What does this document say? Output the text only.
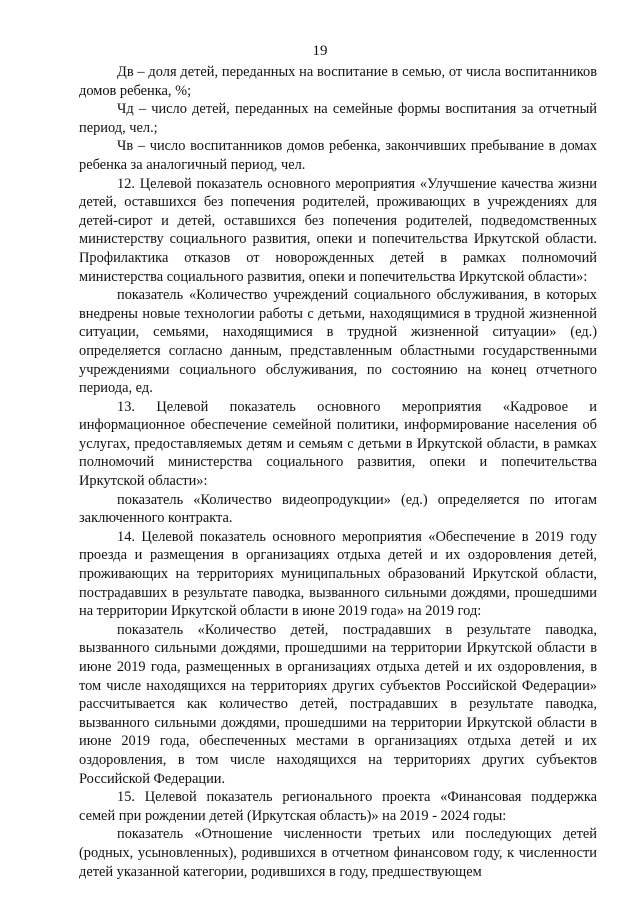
19

Дв – доля детей, переданных на воспитание в семью, от числа воспитанников домов ребенка, %;

Чд – число детей, переданных на семейные формы воспитания за отчетный период, чел.;

Чв – число воспитанников домов ребенка, закончивших пребывание в домах ребенка за аналогичный период, чел.

12. Целевой показатель основного мероприятия «Улучшение качества жизни детей, оставшихся без попечения родителей, проживающих в учреждениях для детей-сирот и детей, оставшихся без попечения родителей, подведомственных министерству социального развития, опеки и попечительства Иркутской области. Профилактика отказов от новорожденных детей в рамках полномочий министерства социального развития, опеки и попечительства Иркутской области»:

показатель «Количество учреждений социального обслуживания, в которых внедрены новые технологии работы с детьми, находящимися в трудной жизненной ситуации, семьями, находящимися в трудной жизненной ситуации» (ед.) определяется согласно данным, представленным областными государственными учреждениями социального обслуживания, по состоянию на конец отчетного периода, ед.

13. Целевой показатель основного мероприятия «Кадровое и информационное обеспечение семейной политики, информирование населения об услугах, предоставляемых детям и семьям с детьми в Иркутской области, в рамках полномочий министерства социального развития, опеки и попечительства Иркутской области»:

показатель «Количество видеопродукции» (ед.) определяется по итогам заключенного контракта.

14. Целевой показатель основного мероприятия «Обеспечение в 2019 году проезда и размещения в организациях отдыха детей и их оздоровления детей, проживающих на территориях муниципальных образований Иркутской области, пострадавших в результате паводка, вызванного сильными дождями, прошедшими на территории Иркутской области в июне 2019 года» на 2019 год:

показатель «Количество детей, пострадавших в результате паводка, вызванного сильными дождями, прошедшими на территории Иркутской области в июне 2019 года, размещенных в организациях отдыха детей и их оздоровления, в том числе находящихся на территориях других субъектов Российской Федерации» рассчитывается как количество детей, пострадавших в результате паводка, вызванного сильными дождями, прошедшими на территории Иркутской области в июне 2019 года, обеспеченных местами в организациях отдыха детей и их оздоровления, в том числе находящихся на территориях других субъектов Российской Федерации.

15. Целевой показатель регионального проекта «Финансовая поддержка семей при рождении детей (Иркутская область)» на 2019 - 2024 годы:

показатель «Отношение численности третьих или последующих детей (родных, усыновленных), родившихся в отчетном финансовом году, к численности детей указанной категории, родившихся в году, предшествующем
